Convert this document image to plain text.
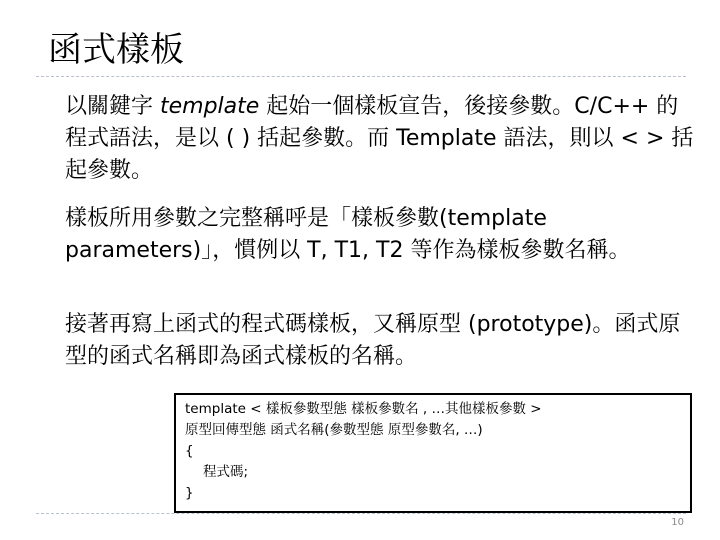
函式樣板
以關鍵字 template 起始一個樣板宣告，後接參數。C/C++ 的程式語法，是以 ( ) 括起參數。而 Template 語法，則以 < > 括起參數。
樣板所用參數之完整稱呼是「樣板參數(template parameters)」，慣例以 T, T1, T2 等作為樣板參數名稱。
接著再寫上函式的程式碼樣板，又稱原型 (prototype)。函式原型的函式名稱即為函式樣板的名稱。
template < 樣板參數型態 樣板參數名 , …其他樣板參數 >
原型回傳型態 函式名稱(參數型態 原型參數名, …)
{
程式碼;
}
10
